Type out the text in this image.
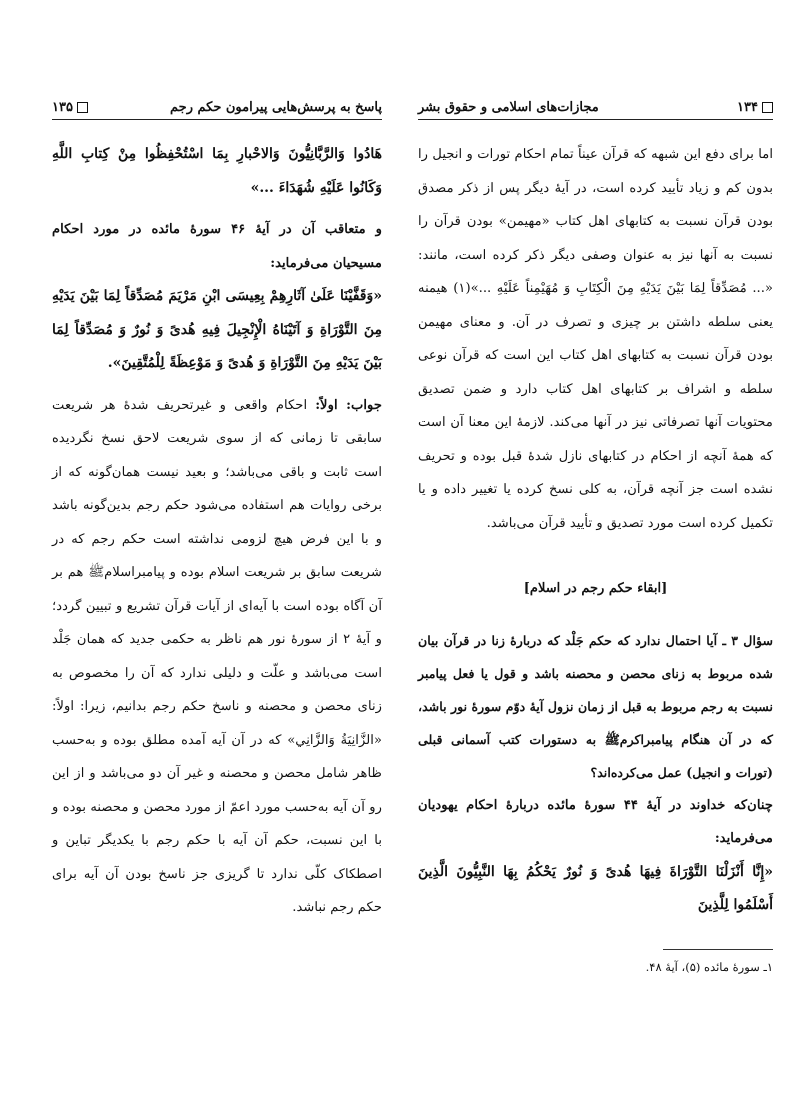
پاسخ به پرسش‌هایی پیرامون حکم رجم
۱۳۵

هَادُوا وَالرَّبَّانِيُّونَ وَالاحْبارِ بِمَا اسْتُحْفِظُوا مِنْ كِتابِ اللَّهِ وَكَانُوا عَلَيْهِ شُهَدَاءَ ...»

و متعاقب آن در آیهٔ ۴۶ سورهٔ مائده در مورد احکام مسیحیان می‌فرماید:

«وَقَفَّيْنَا عَلَىٰ آثَارِهِمْ بِعِيسَى ابْنِ مَرْيَمَ مُصَدِّقاً لِمَا بَيْنَ يَدَيْهِ مِنَ التَّوْرَاةِ وَ آتَيْنَاهُ الْإِنْجِيلَ فِيهِ هُدىً وَ نُورٌ وَ مُصَدِّقاً لِمَا بَيْنَ يَدَيْهِ مِنَ التَّوْرَاةِ وَ هُدىً وَ مَوْعِظَةً لِلْمُتَّقِينَ».

جواب: اولاً: احکام واقعی و غیرتحریف شدهٔ هر شریعت سابقی تا زمانی که از سوی شریعت لاحق نسخ نگردیده است ثابت و باقی می‌باشد؛ و بعید نیست همان‌گونه که از برخی روایات هم استفاده می‌شود حکم رجم بدین‌گونه باشد و با این فرض هیچ لزومی نداشته است حکم رجم که در شریعت سابق بر شریعت اسلام بوده و پیامبراسلامﷺ هم بر آن آگاه بوده است با آیه‌ای از آیات قرآن تشریع و تبیین گردد؛ و آیهٔ ۲ از سورهٔ نور هم ناظر به حکمی جدید که همان جَلْد است می‌باشد و علّت و دلیلی ندارد که آن را مخصوص به زنای محصن و محصنه و ناسخ حکم رجم بدانیم، زیرا: اولاً: «الزَّانِيَةُ وَالزَّانِي» که در آن آیه آمده مطلق بوده و به‌حسب ظاهر شامل محصن و محصنه و غیر آن دو می‌باشد و از این رو آن آیه به‌حسب مورد اعمّ از مورد محصن و محصنه بوده و با این نسبت، حکم آن آیه با حکم رجم با یکدیگر تباین و اصطکاک کلّی ندارد تا گریزی جز ناسخ بودن آن آیه برای حکم رجم نباشد.

۱۳۴
مجازات‌های اسلامی و حقوق بشر

اما برای دفع این شبهه که قرآن عیناً تمام احکام تورات و انجیل را بدون کم و زیاد تأیید کرده است، در آیهٔ دیگر پس از ذکر مصدق بودن قرآن نسبت به کتابهای اهل کتاب «مهیمن» بودن قرآن را نسبت به آنها نیز به عنوان وصفی دیگر ذکر کرده است، مانند: «... مُصَدِّقاً لِمَا بَيْنَ يَدَيْهِ مِنَ الْكِتَابِ وَ مُهَيْمِناً عَلَيْهِ ...»(۱) هیمنه یعنی سلطه داشتن بر چیزی و تصرف در آن. و معنای مهیمن بودن قرآن نسبت به کتابهای اهل کتاب این است که قرآن نوعی سلطه و اشراف بر کتابهای اهل کتاب دارد و ضمن تصدیق محتویات آنها تصرفاتی نیز در آنها می‌کند. لازمهٔ این معنا آن است که همهٔ آنچه از احکام در کتابهای نازل شدهٔ قبل بوده و تحریف نشده است جز آنچه قرآن، به کلی نسخ کرده یا تغییر داده و یا تکمیل کرده است مورد تصدیق و تأیید قرآن می‌باشد.

[ابقاء حکم رجم در اسلام]

سؤال ۳ ـ آیا احتمال ندارد که حکم جَلْد که دربارهٔ زنا در قرآن بیان شده مربوط به زنای محصن و محصنه باشد و قول یا فعل پیامبر نسبت به رجم مربوط به قبل از زمان نزول آیهٔ دوّم سورهٔ نور باشد، که در آن هنگام پیامبراکرمﷺ به دستورات کتب آسمانی قبلی (تورات و انجیل) عمل می‌کرده‌اند؟

چنان‌که خداوند در آیهٔ ۴۴ سورهٔ مائده دربارهٔ احکام یهودیان می‌فرماید:

«إِنَّا أَنْزَلْنَا التَّوْرَاةَ فِيهَا هُدىً وَ نُورٌ يَحْكُمُ بِهَا النَّبِيُّونَ الَّذِينَ أَسْلَمُوا لِلَّذِينَ

۱ـ سورهٔ مائده (۵)، آیهٔ ۴۸.
